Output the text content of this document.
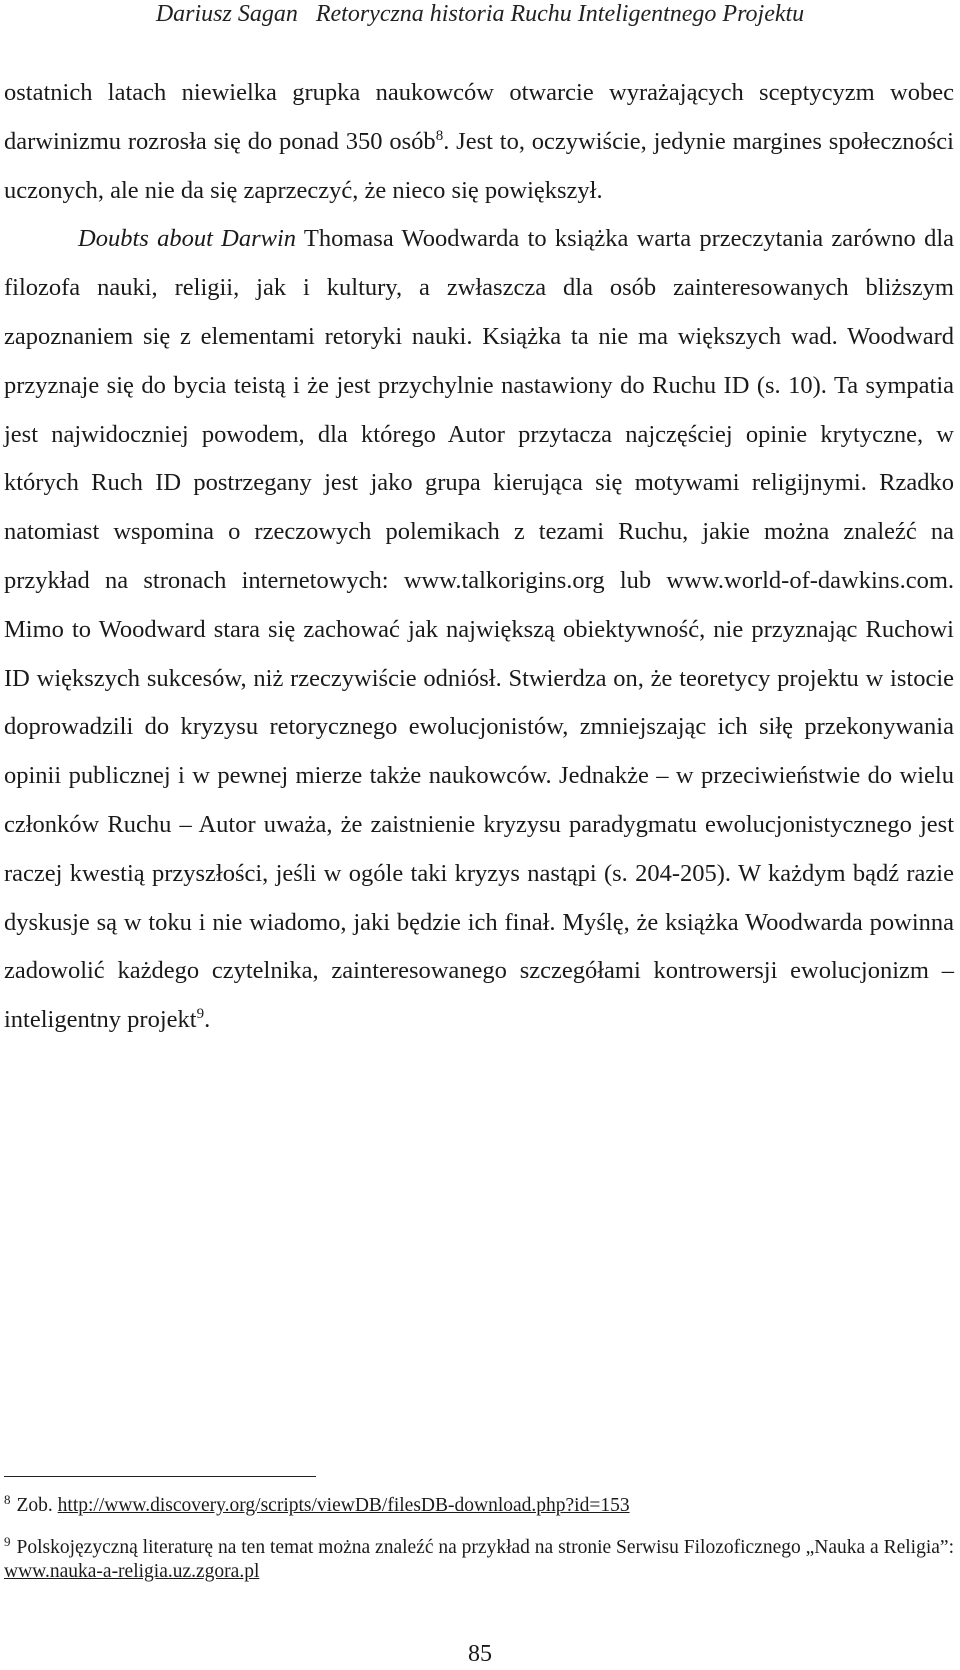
Dariusz Sagan Retoryczna historia Ruchu Inteligentnego Projektu

ostatnich latach niewielka grupka naukowców otwarcie wyrażających sceptycyzm wobec darwinizmu rozrosła się do ponad 350 osób$^8$. Jest to, oczywiście, jedynie margines społeczności uczonych, ale nie da się zaprzeczyć, że nieco się powiększył.

Doubts about Darwin Thomasa Woodwarda to książka warta przeczytania zarówno dla filozofa nauki, religii, jak i kultury, a zwłaszcza dla osób zainteresowanych bliższym zapoznaniem się z elementami retoryki nauki. Książka ta nie ma większych wad. Woodward przyznaje się do bycia teistą i że jest przychylnie nastawiony do Ruchu ID (s. 10). Ta sympatia jest najwidoczniej powodem, dla którego Autor przytacza najczęściej opinie krytyczne, w których Ruch ID postrzegany jest jako grupa kierująca się motywami religijnymi. Rzadko natomiast wspomina o rzeczowych polemikach z tezami Ruchu, jakie można znaleźć na przykład na stronach internetowych: www.talkorigins.org lub www.world-of-dawkins.com. Mimo to Woodward stara się zachować jak największą obiektywność, nie przyznając Ruchowi ID większych sukcesów, niż rzeczywiście odniósł. Stwierdza on, że teoretycy projektu w istocie doprowadzili do kryzysu retorycznego ewolucjonistów, zmniejszając ich siłę przekonywania opinii publicznej i w pewnej mierze także naukowców. Jednakże – w przeciwieństwie do wielu członków Ruchu – Autor uważa, że zaistnienie kryzysu paradygmatu ewolucjonistycznego jest raczej kwestią przyszłości, jeśli w ogóle taki kryzys nastąpi (s. 204-205). W każdym bądź razie dyskusje są w toku i nie wiadomo, jaki będzie ich finał. Myślę, że książka Woodwarda powinna zadowolić każdego czytelnika, zainteresowanego szczegółami kontrowersji ewolucjonizm – inteligentny projekt$^9$.

$^8$ Zob. http://www.discovery.org/scripts/viewDB/filesDB-download.php?id=153

$^9$ Polskojęzyczną literaturę na ten temat można znaleźć na przykład na stronie Serwisu Filozoficznego „Nauka a Religia”: www.nauka-a-religia.uz.zgora.pl

85
